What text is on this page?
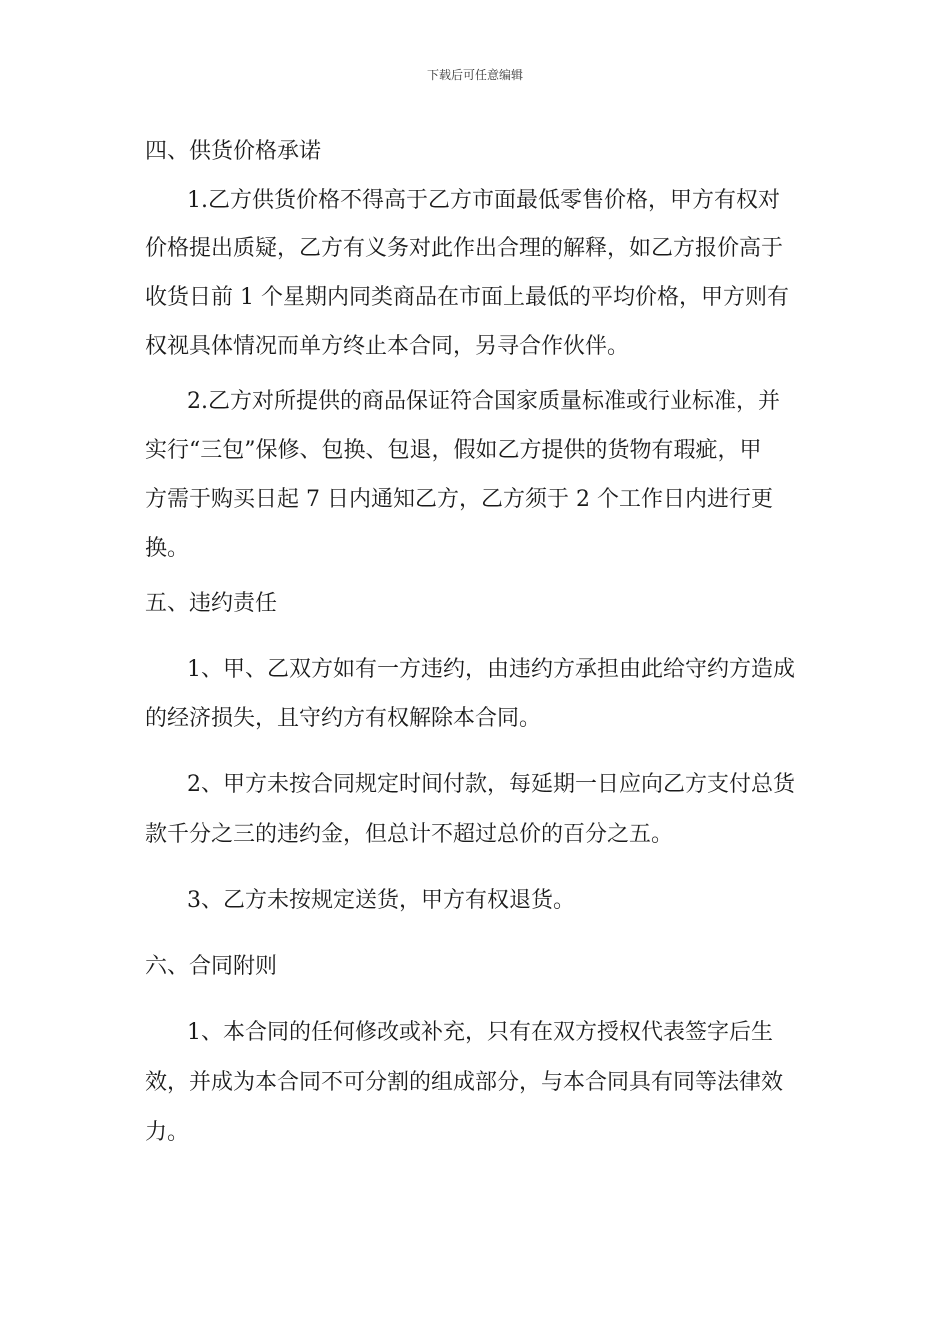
下载后可任意编辑
四、供货价格承诺
1.乙方供货价格不得高于乙方市面最低零售价格，甲方有权对
价格提出质疑，乙方有义务对此作出合理的解释，如乙方报价高于
收货日前 1 个星期内同类商品在市面上最低的平均价格，甲方则有
权视具体情况而单方终止本合同，另寻合作伙伴。
2.乙方对所提供的商品保证符合国家质量标准或行业标准，并
实行“三包”保修、包换、包退，假如乙方提供的货物有瑕疵，甲
方需于购买日起 7 日内通知乙方，乙方须于 2 个工作日内进行更
换。
五、违约责任
1、甲、乙双方如有一方违约，由违约方承担由此给守约方造成
的经济损失，且守约方有权解除本合同。
2、甲方未按合同规定时间付款，每延期一日应向乙方支付总货
款千分之三的违约金，但总计不超过总价的百分之五。
3、乙方未按规定送货，甲方有权退货。
六、合同附则
1、本合同的任何修改或补充，只有在双方授权代表签字后生
效，并成为本合同不可分割的组成部分，与本合同具有同等法律效
力。
